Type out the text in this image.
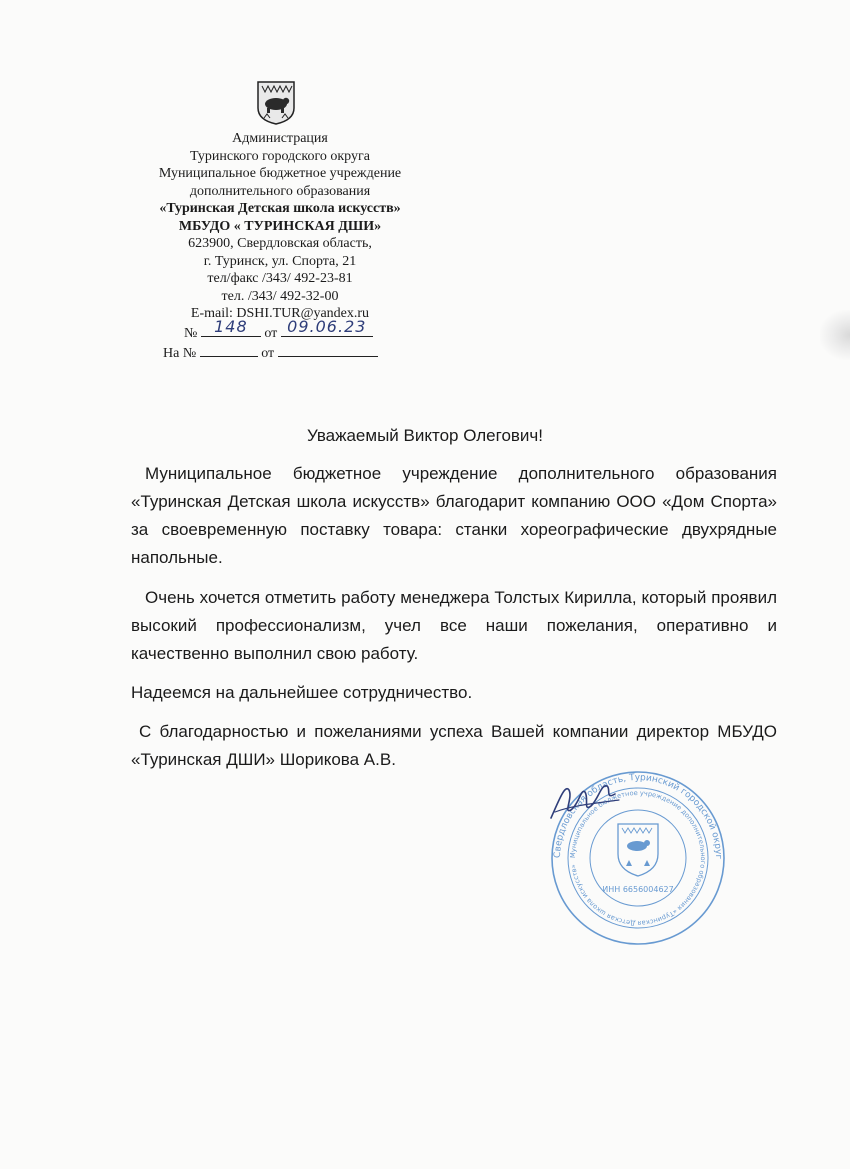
Администрация
Туринского городского округа
Муниципальное бюджетное учреждение
дополнительного образования
«Туринская Детская школа искусств»
МБУДО « ТУРИНСКАЯ ДШИ»
623900, Свердловская область,
г. Туринск, ул. Спорта, 21
тел/факс /343/ 492-23-81
тел. /343/ 492-32-00
E-mail: DSHI.TUR@yandex.ru
№	148	от 09.06.23
На №	от
Уважаемый Виктор Олегович!

Муниципальное бюджетное учреждение дополнительного образования «Туринская Детская школа искусств» благодарит компанию ООО «Дом Спорта» за своевременную поставку товара: станки хореографические двухрядные напольные.

Очень хочется отметить работу менеджера Толстых Кирилла, который проявил высокий профессионализм, учел все наши пожелания, оперативно и качественно выполнил свою работу.

Надеемся на дальнейшее сотрудничество.

С благодарностью и пожеланиями успеха Вашей компании директор МБУДО «Туринская ДШИ» Шорикова А.В.

Свердловская область, Туринский городской округ
Муниципальное бюджетное учреждение дополнительного образования «Туринская Детская школа искусств»
ИНН 6656004627
